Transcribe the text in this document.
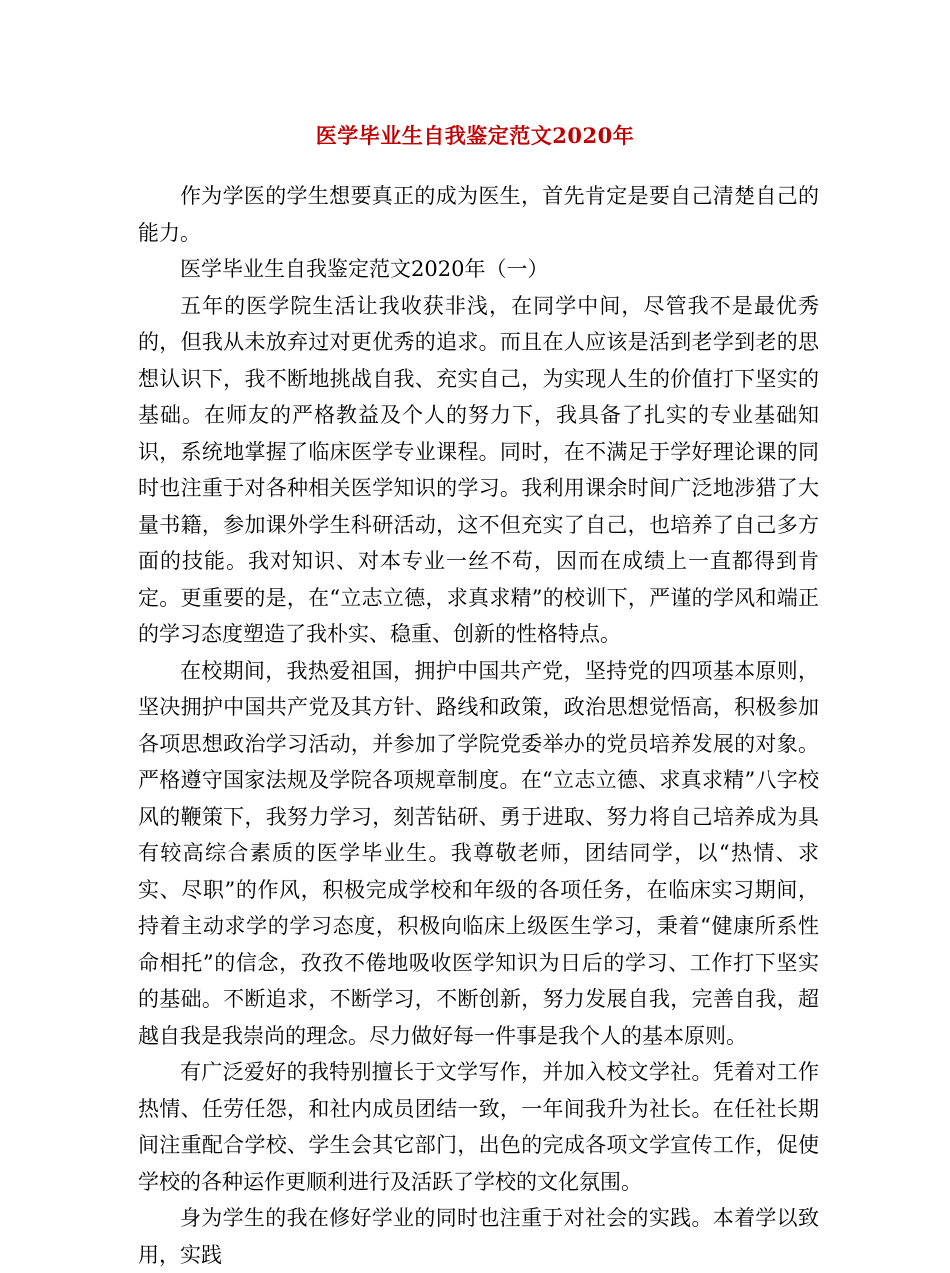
医学毕业生自我鉴定范文2020年

作为学医的学生想要真正的成为医生，首先肯定是要自己清楚自己的能力。

医学毕业生自我鉴定范文2020年（一）

五年的医学院生活让我收获非浅，在同学中间，尽管我不是最优秀的，但我从未放弃过对更优秀的追求。而且在人应该是活到老学到老的思想认识下，我不断地挑战自我、充实自己，为实现人生的价值打下坚实的基础。在师友的严格教益及个人的努力下，我具备了扎实的专业基础知识，系统地掌握了临床医学专业课程。同时，在不满足于学好理论课的同时也注重于对各种相关医学知识的学习。我利用课余时间广泛地涉猎了大量书籍，参加课外学生科研活动，这不但充实了自己，也培养了自己多方面的技能。我对知识、对本专业一丝不苟，因而在成绩上一直都得到肯定。更重要的是，在“立志立德，求真求精”的校训下，严谨的学风和端正的学习态度塑造了我朴实、稳重、创新的性格特点。

在校期间，我热爱祖国，拥护中国共产党，坚持党的四项基本原则，坚决拥护中国共产党及其方针、路线和政策，政治思想觉悟高，积极参加各项思想政治学习活动，并参加了学院党委举办的党员培养发展的对象。严格遵守国家法规及学院各项规章制度。在“立志立德、求真求精”八字校风的鞭策下，我努力学习，刻苦钻研、勇于进取、努力将自己培养成为具有较高综合素质的医学毕业生。我尊敬老师，团结同学，以“热情、求实、尽职”的作风，积极完成学校和年级的各项任务，在临床实习期间，持着主动求学的学习态度，积极向临床上级医生学习，秉着“健康所系性命相托”的信念，孜孜不倦地吸收医学知识为日后的学习、工作打下坚实的基础。不断追求，不断学习，不断创新，努力发展自我，完善自我，超越自我是我崇尚的理念。尽力做好每一件事是我个人的基本原则。

有广泛爱好的我特别擅长于文学写作，并加入校文学社。凭着对工作热情、任劳任怨，和社内成员团结一致，一年间我升为社长。在任社长期间注重配合学校、学生会其它部门，出色的完成各项文学宣传工作，促使学校的各种运作更顺利进行及活跃了学校的文化氛围。

身为学生的我在修好学业的同时也注重于对社会的实践。本着学以致用，实践
